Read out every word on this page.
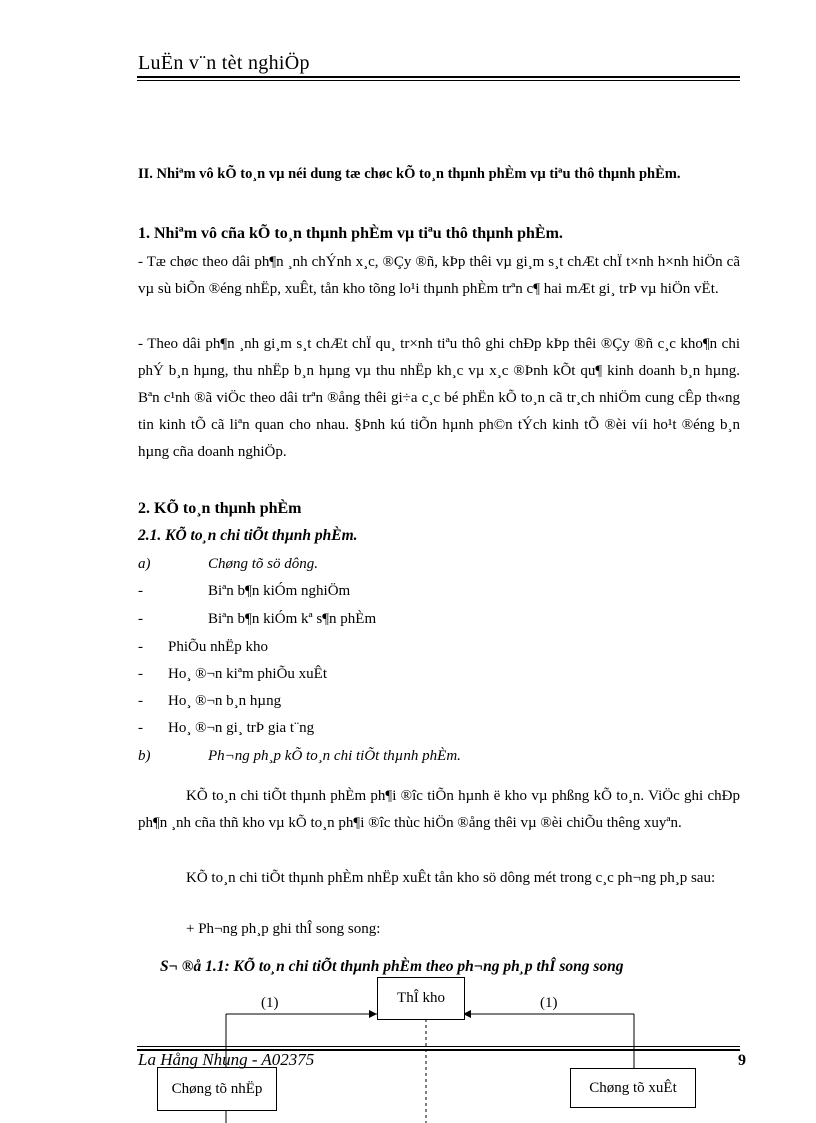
LuËn v¨n tèt nghiÖp
II. Nhiªm vô kÕ to¸n vµ néi dung tæ chøc kÕ to¸n thµnh phÈm vµ tiªu thô thµnh phÈm.
1. Nhiªm vô cña kÕ to¸n thµnh phÈm vµ tiªu thô thµnh phÈm.
- Tæ chøc theo dâi ph¶n ¸nh chÝnh x¸c, ®Çy ®ñ, kÞp thêi vµ gi¸m s¸t chÆt chÏ t×nh h×nh hiÖn cã vµ sù biÕn ®éng nhËp, xuÊt, tån kho tõng lo¹i thµnh phÈm trªn c¶ hai mÆt gi¸ trÞ vµ hiÖn vËt.
- Theo dâi ph¶n ¸nh gi¸m s¸t chÆt chÏ qu¸ tr×nh tiªu thô ghi chÐp kÞp thêi ®Çy ®ñ c¸c kho¶n chi phÝ b¸n hµng, thu nhËp b¸n hµng vµ thu nhËp kh¸c vµ x¸c ®Þnh kÕt qu¶ kinh doanh b¸n hµng. Bªn c¹nh ®ã viÖc theo dâi trªn ®ång thêi gi÷a c¸c bé phËn kÕ to¸n cã tr¸ch nhiÖm cung cÊp th«ng tin kinh tÕ cã liªn quan cho nhau. §Þnh kú tiÕn hµnh ph©n tÝch kinh tÕ ®èi víi ho¹t ®éng b¸n hµng cña doanh nghiÖp.
2. KÕ to¸n thµnh phÈm
2.1. KÕ to¸n chi tiÕt thµnh phÈm.
a)	Chøng tõ sö dông.
-	Biªn b¶n kiÓm nghiÖm
-	Biªn b¶n kiÓm kª s¶n phÈm
- PhiÕu nhËp kho
- Ho¸ ®¬n kiªm phiÕu xuÊt
- Ho¸ ®¬n b¸n hµng
- Ho¸ ®¬n gi¸ trÞ gia t¨ng
b)	Ph¬ng ph¸p kÕ to¸n chi tiÕt thµnh phÈm.
KÕ to¸n chi tiÕt thµnh phÈm ph¶i ®îc tiÕn hµnh ë kho vµ phßng kÕ to¸n. ViÖc ghi chÐp ph¶n ¸nh cña thñ kho vµ kÕ to¸n ph¶i ®îc thùc hiÖn ®ång thêi vµ ®èi chiÕu thêng xuyªn.
KÕ to¸n chi tiÕt thµnh phÈm nhËp xuÊt tån kho sö dông mét trong c¸c ph¬ng ph¸p sau:
+ Ph¬ng ph¸p ghi thÎ song song:
S¬ ®å 1.1: KÕ to¸n chi tiÕt thµnh phÈm theo ph¬ng ph¸p thÎ song song
ThÎ kho
(1)	(1)
Chøng tõ nhËp	Chøng tõ xuÊt
La Hång Nhung - A02375	9
